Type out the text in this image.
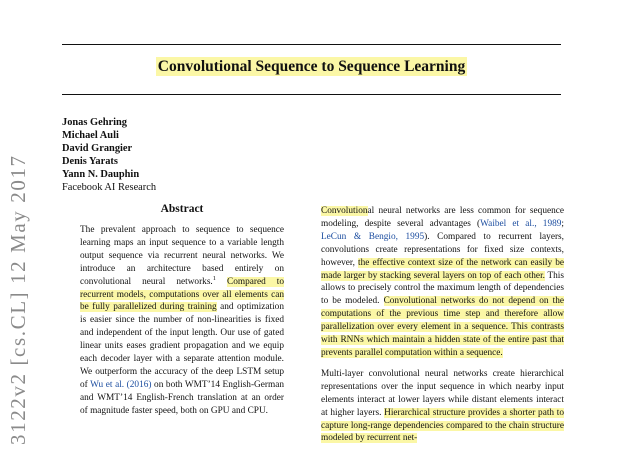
3122v2 [cs.CL] 12 May 2017
Convolutional Sequence to Sequence Learning
Jonas Gehring
Michael Auli
David Grangier
Denis Yarats
Yann N. Dauphin
Facebook AI Research
Abstract

The prevalent approach to sequence to sequence learning maps an input sequence to a variable length output sequence via recurrent neural networks. We introduce an architecture based entirely on convolutional neural networks.$^1$ Compared to recurrent models, computations over all elements can be fully parallelized during training and optimization is easier since the number of non-linearities is fixed and independent of the input length. Our use of gated linear units eases gradient propagation and we equip each decoder layer with a separate attention module. We outperform the accuracy of the deep LSTM setup of Wu et al. (2016) on both WMT’14 English-German and WMT’14 English-French translation at an order of magnitude faster speed, both on GPU and CPU.

Convolutional neural networks are less common for sequence modeling, despite several advantages (Waibel et al., 1989; LeCun & Bengio, 1995). Compared to recurrent layers, convolutions create representations for fixed size contexts, however, the effective context size of the network can easily be made larger by stacking several layers on top of each other. This allows to precisely control the maximum length of dependencies to be modeled. Convolutional networks do not depend on the computations of the previous time step and therefore allow parallelization over every element in a sequence. This contrasts with RNNs which maintain a hidden state of the entire past that prevents parallel computation within a sequence.

Multi-layer convolutional neural networks create hierarchical representations over the input sequence in which nearby input elements interact at lower layers while distant elements interact at higher layers. Hierarchical structure provides a shorter path to capture long-range dependencies compared to the chain structure modeled by recurrent net-
